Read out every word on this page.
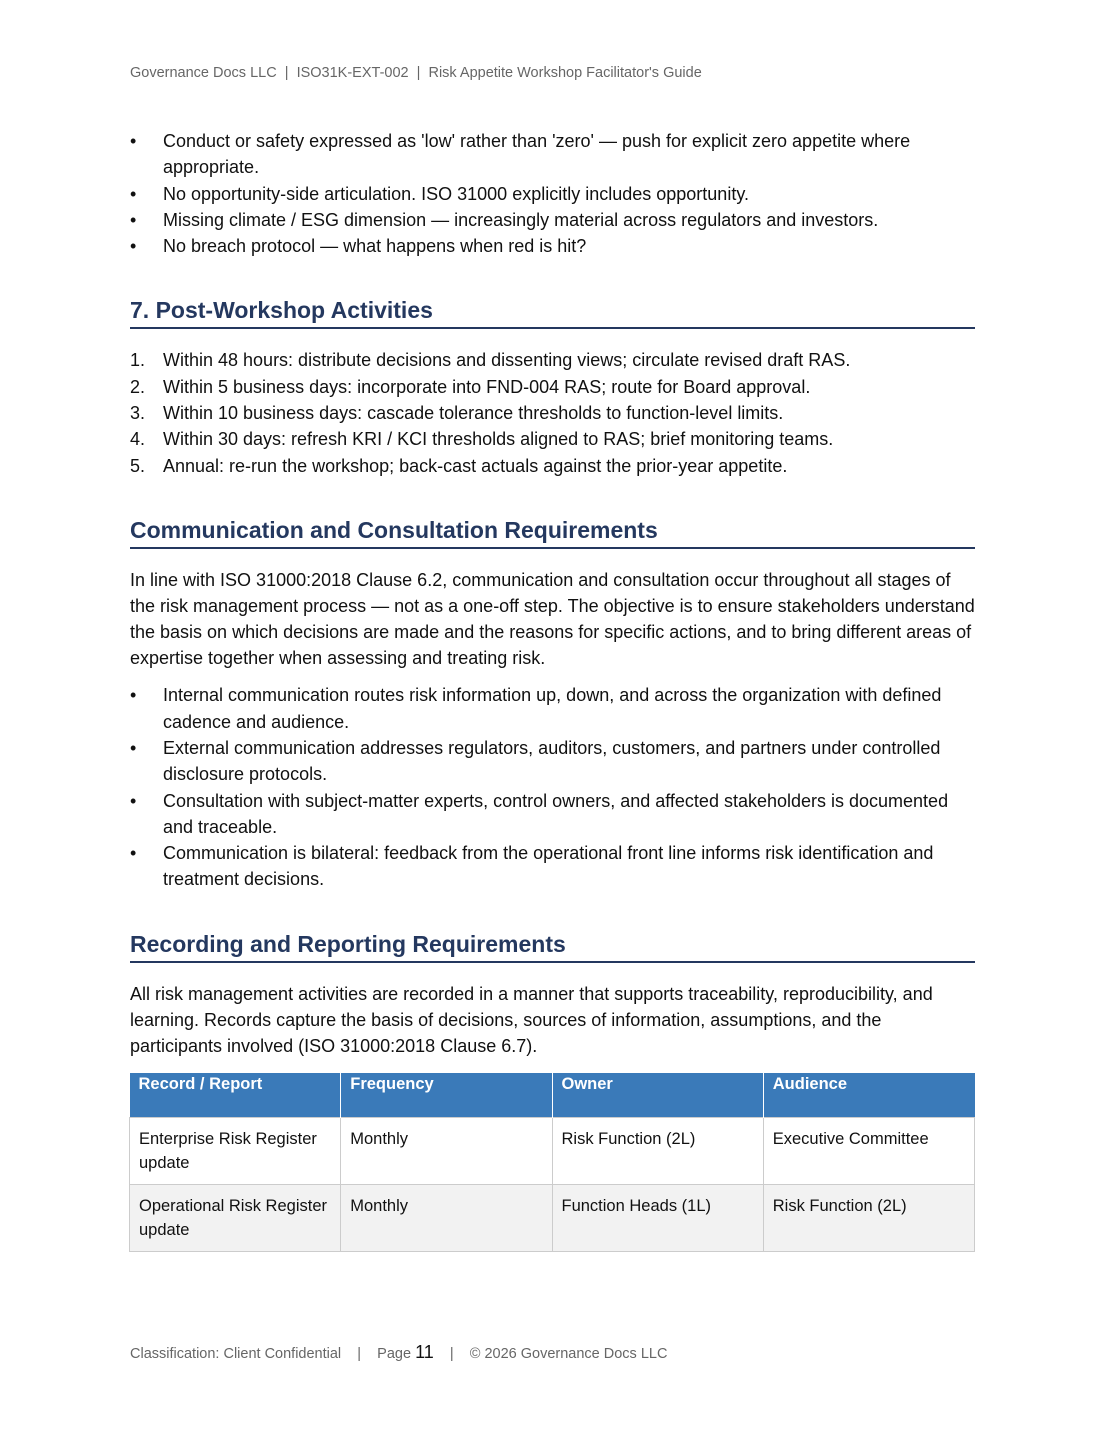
Governance Docs LLC  |  ISO31K-EXT-002  |  Risk Appetite Workshop Facilitator's Guide
• Conduct or safety expressed as 'low' rather than 'zero' — push for explicit zero appetite where appropriate.
• No opportunity-side articulation. ISO 31000 explicitly includes opportunity.
• Missing climate / ESG dimension — increasingly material across regulators and investors.
• No breach protocol — what happens when red is hit?
7. Post-Workshop Activities
Within 48 hours: distribute decisions and dissenting views; circulate revised draft RAS.
Within 5 business days: incorporate into FND-004 RAS; route for Board approval.
Within 10 business days: cascade tolerance thresholds to function-level limits.
Within 30 days: refresh KRI / KCI thresholds aligned to RAS; brief monitoring teams.
Annual: re-run the workshop; back-cast actuals against the prior-year appetite.
Communication and Consultation Requirements

In line with ISO 31000:2018 Clause 6.2, communication and consultation occur throughout all stages of the risk management process — not as a one-off step. The objective is to ensure stakeholders understand the basis on which decisions are made and the reasons for specific actions, and to bring different areas of expertise together when assessing and treating risk.

• Internal communication routes risk information up, down, and across the organization with defined cadence and audience.
• External communication addresses regulators, auditors, customers, and partners under controlled disclosure protocols.
• Consultation with subject-matter experts, control owners, and affected stakeholders is documented and traceable.
• Communication is bilateral: feedback from the operational front line informs risk identification and treatment decisions.
Recording and Reporting Requirements

All risk management activities are recorded in a manner that supports traceability, reproducibility, and learning. Records capture the basis of decisions, sources of information, assumptions, and the participants involved (ISO 31000:2018 Clause 6.7).

Record / Report	Frequency	Owner	Audience
Enterprise Risk Register update	Monthly	Risk Function (2L)	Executive Committee
Operational Risk Register update	Monthly	Function Heads (1L)	Risk Function (2L)
Classification: Client Confidential    |    Page 11    |    © 2026 Governance Docs LLC
